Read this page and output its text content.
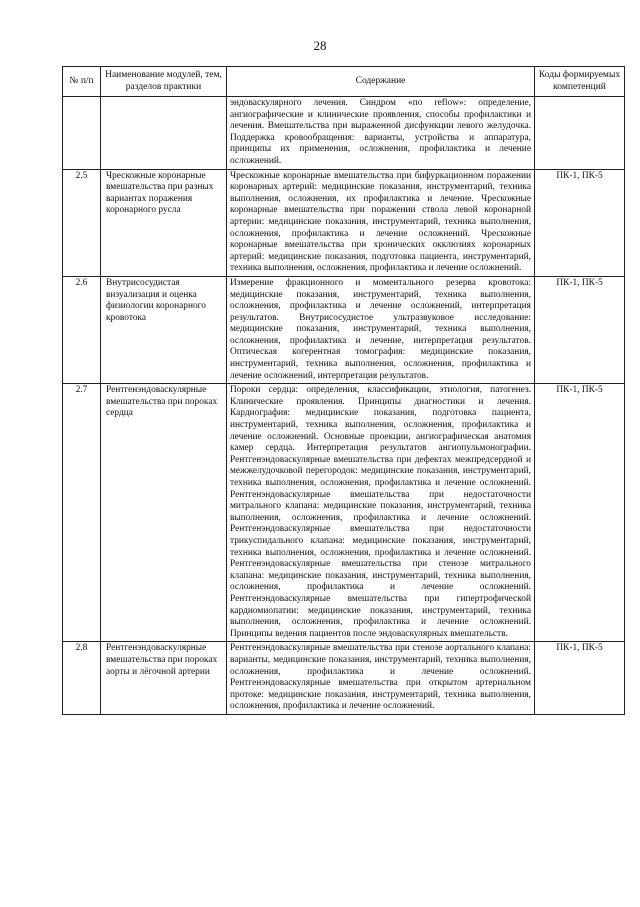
28
№ п/п	Наименование модулей, тем, разделов практики	Содержание	Коды формируемых компетенций
		эндоваскулярного лечения. Синдром «по reflow»: определение, ангиографические и клинические проявления, способы профилактики и лечения. Вмешательства при выраженной дисфункции левого желудочка. Поддержка кровообращения: варианты, устройства и аппаратура, принципы их применения, осложнения, профилактика и лечение осложнений.	
2.5	Чрескожные коронарные вмешательства при разных вариантах поражения коронарного русла	Чрескожные коронарные вмешательства при бифуркационном поражении коронарных артерий: медицинские показания, инструментарий, техника выполнения, осложнения, их профилактика и лечение. Чрескожные коронарные вмешательства при поражении ствола левой коронарной артерии: медицинские показания, инструментарий, техника выполнения, осложнения, профилактика и лечение осложнений. Чрескожные коронарные вмешательства при хронических окклюзиях коронарных артерий: медицинские показания, подготовка пациента, инструментарий, техника выполнения, осложнения, профилактика и лечение осложнений.	ПК-1, ПК-5
2.6	Внутрисосудистая визуализация и оценка физиологии коронарного кровотока	Измерение фракционного и моментального резерва кровотока: медицинские показания, инструментарий, техника выполнения, осложнения, профилактика и лечение осложнений, интерпретация результатов. Внутрисосудистое ультразвуковое исследование: медицинские показания, инструментарий, техника выполнения, осложнения, профилактика и лечение, интерпретация результатов. Оптическая когерентная томография: медицинские показания, инструментарий, техника выполнения, осложнения, профилактика и лечение осложнений, интерпретация результатов.	ПК-1, ПК-5
2.7	Рентгенэндоваскулярные вмешательства при пороках сердца	Пороки сердца: определения, классификации, этиология, патогенез. Клинические проявления. Принципы диагностики и лечения. Кардиография: медицинские показания, подготовка пациента, инструментарий, техника выполнения, осложнения, профилактика и лечение осложнений. Основные проекции, ангиографическая анатомия камер сердца. Интерпретация результатов ангиопульмонографии. Рентгенэндоваскулярные вмешательства при дефектах межпредсердной и межжелудочковой перегородок: медицинские показания, инструментарий, техника выполнения, осложнения, профилактика и лечение осложнений. Рентгенэндоваскулярные вмешательства при недостаточности митрального клапана: медицинские показания, инструментарий, техника выполнения, осложнения, профилактика и лечение осложнений. Рентгенэндоваскулярные вмешательства при недостаточности трикуспидального клапана: медицинские показания, инструментарий, техника выполнения, осложнения, профилактика и лечение осложнений. Рентгенэндоваскулярные вмешательства при стенозе митрального клапана: медицинские показания, инструментарий, техника выполнения, осложнения, профилактика и лечение осложнений. Рентгенэндоваскулярные вмешательства при гипертрофической кардиомиопатии: медицинские показания, инструментарий, техника выполнения, осложнения, профилактика и лечение осложнений. Принципы ведения пациентов после эндоваскулярных вмешательств.	ПК-1, ПК-5
2.8	Рентгенэндоваскулярные вмешательства при пороках аорты и лёгочной артерии	Рентгенэндоваскулярные вмешательства при стенозе аортального клапана: варианты, медицинские показания, инструментарий, техника выполнения, осложнения, профилактика и лечение осложнений. Рентгенэндоваскулярные вмешательства при открытом артериальном протоке: медицинские показания, инструментарий, техника выполнения, осложнения, профилактика и лечение осложнений.	ПК-1, ПК-5
